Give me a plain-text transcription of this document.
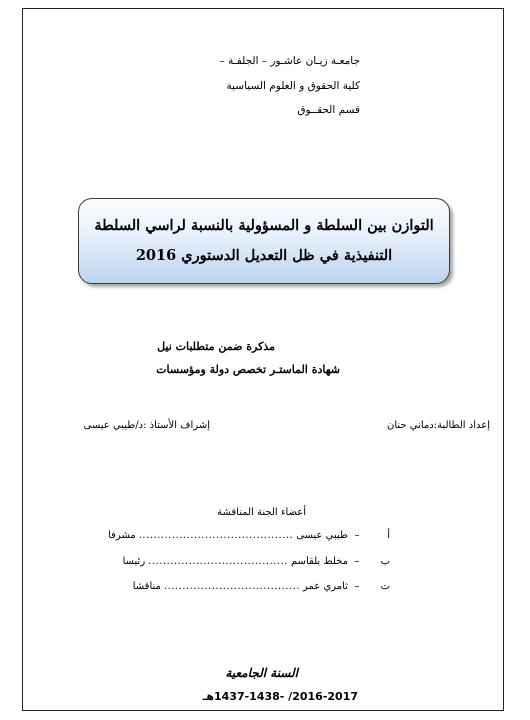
جامعـة زيـان عاشـور – الجلفـة –
كلية الحقوق و العلوم السياسية
قسم الحقــوق
التوازن بين السلطة و المسؤولية بالنسبة لراسي السلطة
التنفيذية في ظل التعديل الدستوري 2016
مذكرة ضمن متطلبات نيل
شهادة الماستـر تخصص دولة ومؤسسات
إعداد الطالبة:دماني حنان
إشراف الأستاذ :د/طيبي عيسى
أعضاء الجنة المناقشة
أ
–
طيبي عيسى
..........................................
مشرفا
ب
–
مخلط بلقاسم
......................................
رئيسا
ت
–
ثامري عمر
.....................................
مناقشا
السنة الجامعية
2016-2017/ -1437-1438هـ
